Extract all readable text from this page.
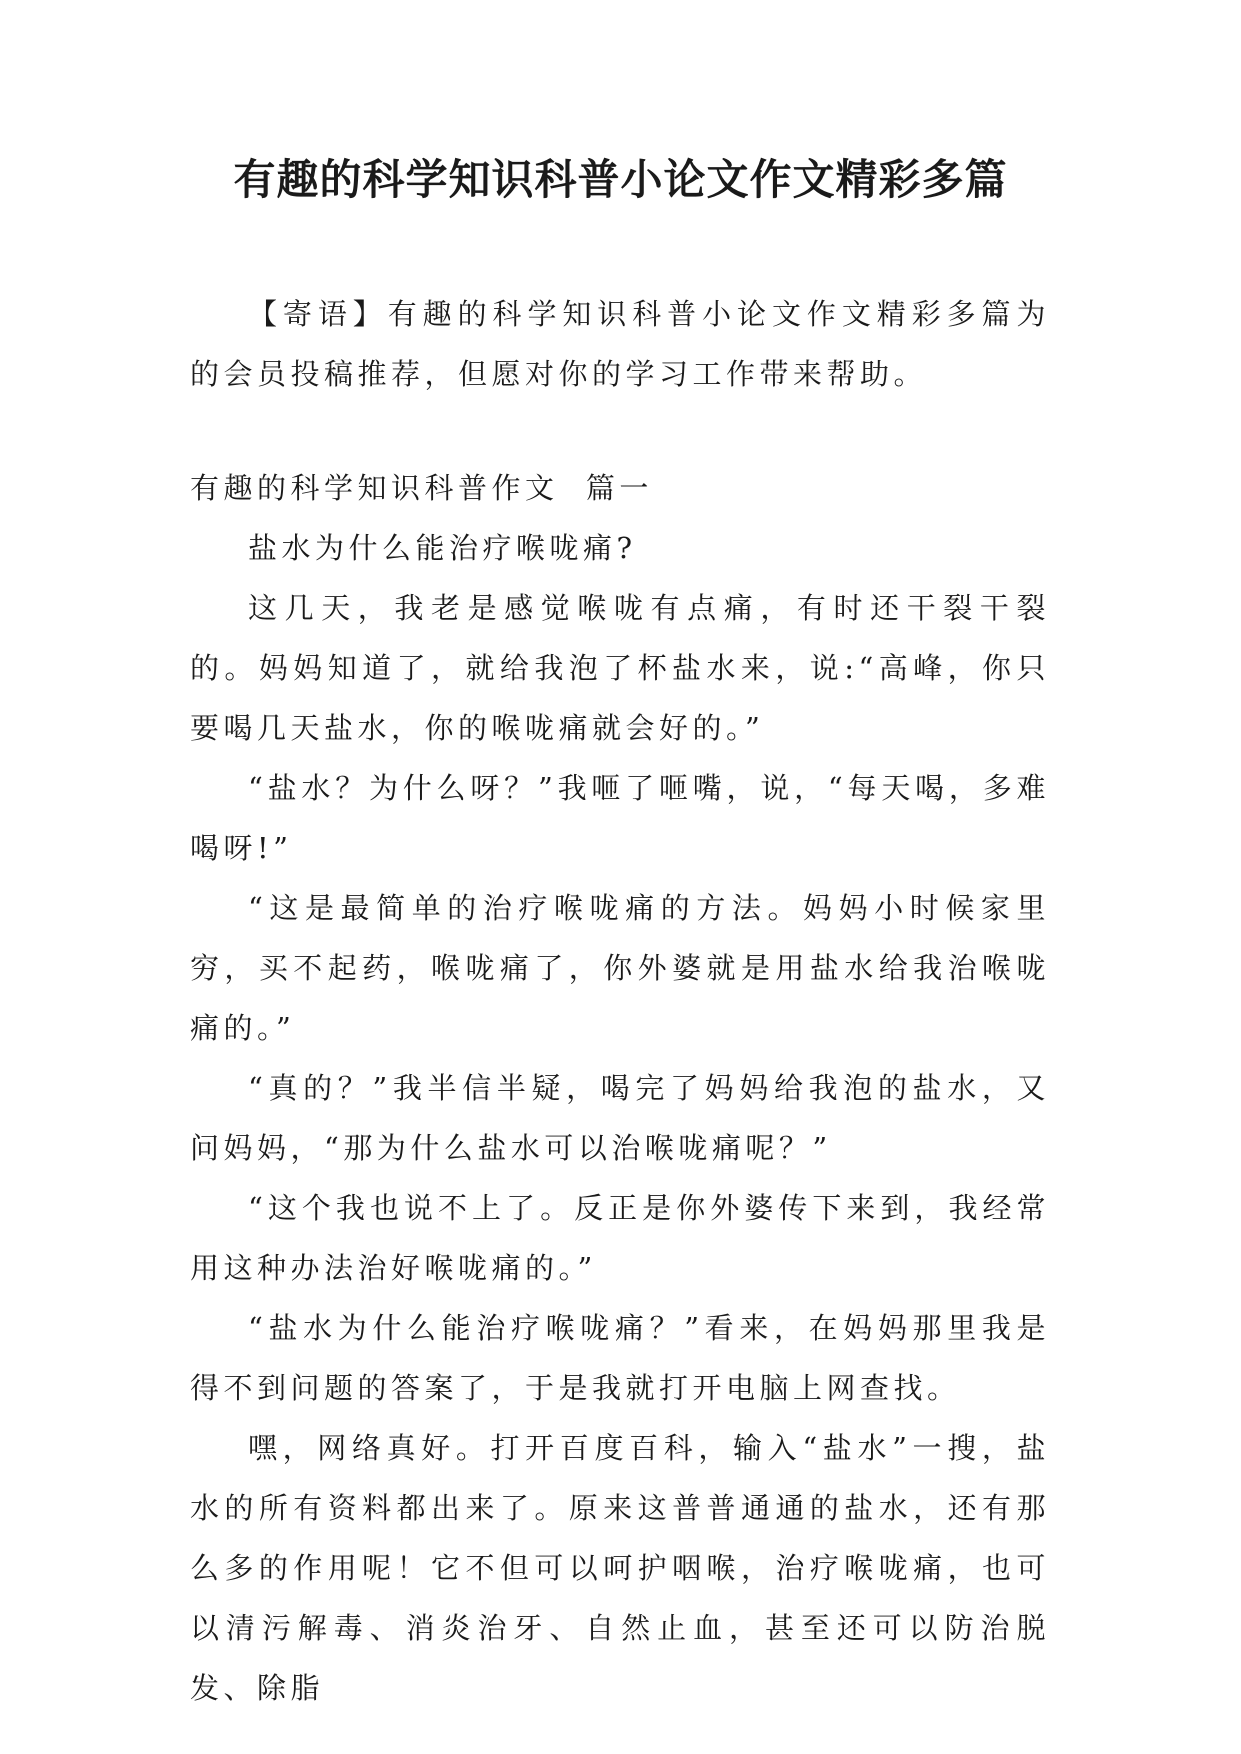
有趣的科学知识科普小论文作文精彩多篇

【寄语】有趣的科学知识科普小论文作文精彩多篇为的会员投稿推荐，但愿对你的学习工作带来帮助。

有趣的科学知识科普作文  篇一

盐水为什么能治疗喉咙痛?

这几天，我老是感觉喉咙有点痛，有时还干裂干裂的。妈妈知道了，就给我泡了杯盐水来，说:“高峰，你只要喝几天盐水，你的喉咙痛就会好的。”

“盐水？为什么呀？”我咂了咂嘴，说，“每天喝，多难喝呀!”

“这是最简单的治疗喉咙痛的方法。妈妈小时候家里穷，买不起药，喉咙痛了，你外婆就是用盐水给我治喉咙痛的。”

“真的？”我半信半疑，喝完了妈妈给我泡的盐水，又问妈妈，“那为什么盐水可以治喉咙痛呢？”

“这个我也说不上了。反正是你外婆传下来到，我经常用这种办法治好喉咙痛的。”

“盐水为什么能治疗喉咙痛？”看来，在妈妈那里我是得不到问题的答案了，于是我就打开电脑上网查找。

嘿，网络真好。打开百度百科，输入“盐水”一搜，盐水的所有资料都出来了。原来这普普通通的盐水，还有那么多的作用呢！它不但可以呵护咽喉，治疗喉咙痛，也可以清污解毒、消炎治牙、自然止血，甚至还可以防治脱发、除脂
